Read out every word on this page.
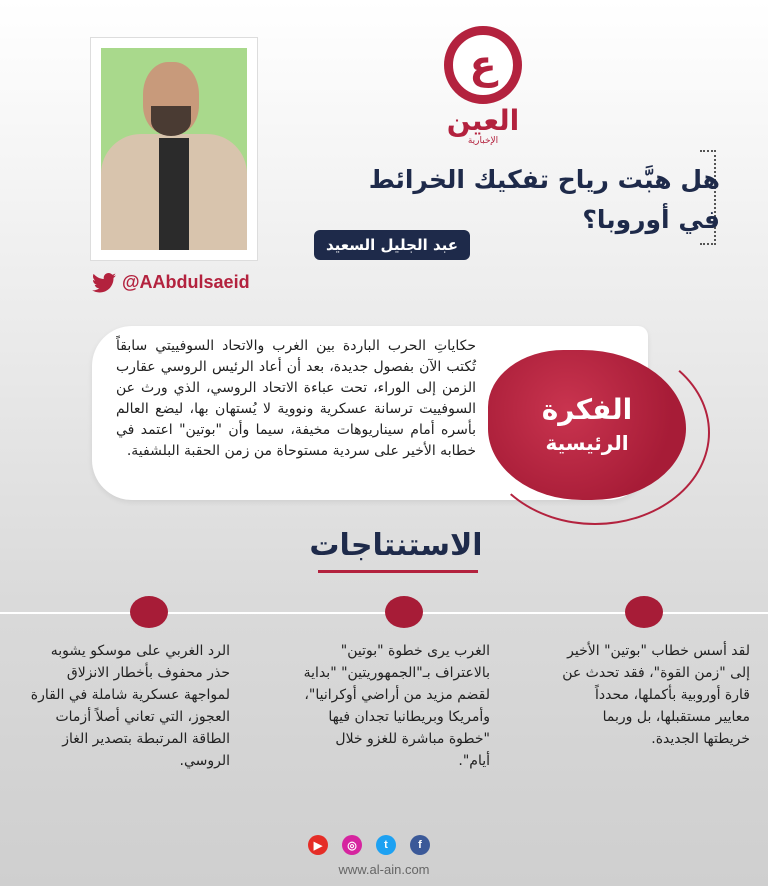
ع
العين
الإخبارية
@AAbdulsaeid
هل هبَّت رياح تفكيك الخرائط
في أوروبا؟
عبد الجليل السعيد
حكاياتِ الحرب الباردة بين الغرب والاتحاد السوفييتي سابقاً تُكتب الآن بفصول جديدة، بعد أن أعاد الرئيس الروسي عقارب الزمن إلى الوراء، تحت عباءة الاتحاد الروسي، الذي ورث عن السوفييت ترسانة عسكرية ونووية لا يُستهان بها، ليضع العالم بأسره أمام سيناريوهات مخيفة، سيما وأن "بوتين" اعتمد في خطابه الأخير على سردية مستوحاة من زمن الحقبة البلشفية.
الفكرة
الرئيسية
الاستنتاجات
لقد أسس خطاب "بوتين" الأخير إلى "زمن القوة"، فقد تحدث عن قارة أوروبية بأكملها، محدداً معايير مستقبلها، بل وربما خريطتها الجديدة.
الغرب يرى خطوة "بوتين" بالاعتراف بـ"الجمهوريتين" "بداية لقضم مزيد من أراضي أوكرانيا"، وأمريكا وبريطانيا تجدان فيها "خطوة مباشرة للغزو خلال أيام".
الرد الغربي على موسكو يشوبه حذر محفوف بأخطار الانزلاق لمواجهة عسكرية شاملة في القارة العجوز، التي تعاني أصلاً أزمات الطاقة المرتبطة بتصدير الغاز الروسي.
▶ ◎ t	f
www.al-ain.com
